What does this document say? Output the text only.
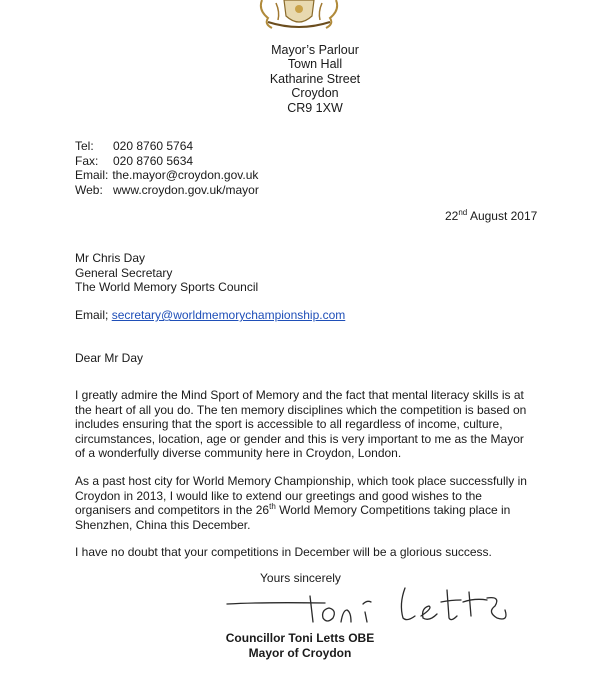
Mayor’s Parlour
Town Hall
Katharine Street
Croydon
CR9 1XW
Tel: 020 8760 5764
Fax: 020 8760 5634
Email: the.mayor@croydon.gov.uk
Web: www.croydon.gov.uk/mayor
22nd August 2017
Mr Chris Day
General Secretary
The World Memory Sports Council
Email; secretary@worldmemorychampionship.com
Dear Mr Day
I greatly admire the Mind Sport of Memory and the fact that mental literacy skills is at
the heart of all you do. The ten memory disciplines which the competition is based on
includes ensuring that the sport is accessible to all regardless of income, culture,
circumstances, location, age or gender and this is very important to me as the Mayor
of a wonderfully diverse community here in Croydon, London.
As a past host city for World Memory Championship, which took place successfully in
Croydon in 2013, I would like to extend our greetings and good wishes to the
organisers and competitors in the 26th World Memory Competitions taking place in
Shenzhen, China this December.
I have no doubt that your competitions in December will be a glorious success.
Yours sincerely
Councillor Toni Letts OBE
Mayor of Croydon
